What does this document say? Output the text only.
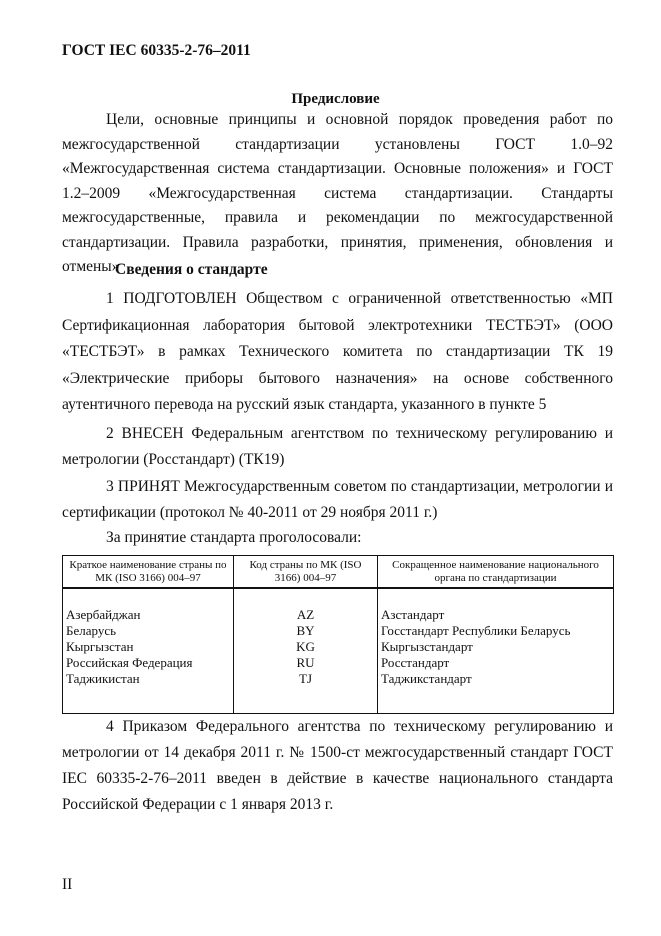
ГОСТ IEC 60335-2-76–2011
Предисловие

Цели, основные принципы и основной порядок проведения работ по межгосударственной стандартизации установлены ГОСТ 1.0–92 «Межгосударственная система стандартизации. Основные положения» и ГОСТ 1.2–2009 «Межгосударственная система стандартизации. Стандарты межгосударственные, правила и рекомендации по межгосударственной стандартизации. Правила разработки, принятия, применения, обновления и отмены»

Сведения о стандарте

1 ПОДГОТОВЛЕН Обществом с ограниченной ответственностью «МП Сертификационная лаборатория бытовой электротехники ТЕСТБЭТ» (ООО «ТЕСТБЭТ» в рамках Технического комитета по стандартизации ТК 19 «Электрические приборы бытового назначения» на основе собственного аутентичного перевода на русский язык стандарта, указанного в пункте 5

2 ВНЕСЕН Федеральным агентством по техническому регулированию и метрологии (Росстандарт) (ТК19)

3 ПРИНЯТ Межгосударственным советом по стандартизации, метрологии и сертификации (протокол № 40-2011 от 29 ноября 2011 г.)

За принятие стандарта проголосовали:
Краткое наименование страны по МК (ISO 3166) 004–97	Код страны по МК (ISO 3166) 004–97	Сокращенное наименование национального органа по стандартизации
Азербайджан	AZ	Азстандарт
Беларусь	BY	Госстандарт Республики Беларусь
Кыргызстан	KG	Кыргызстандарт
Российская Федерация	RU	Росстандарт
Таджикистан	TJ	Таджикстандарт

4 Приказом Федерального агентства по техническому регулированию и метрологии от 14 декабря 2011 г. № 1500-ст межгосударственный стандарт ГОСТ IEC 60335-2-76–2011 введен в действие в качестве национального стандарта Российской Федерации с 1 января 2013 г.

II
